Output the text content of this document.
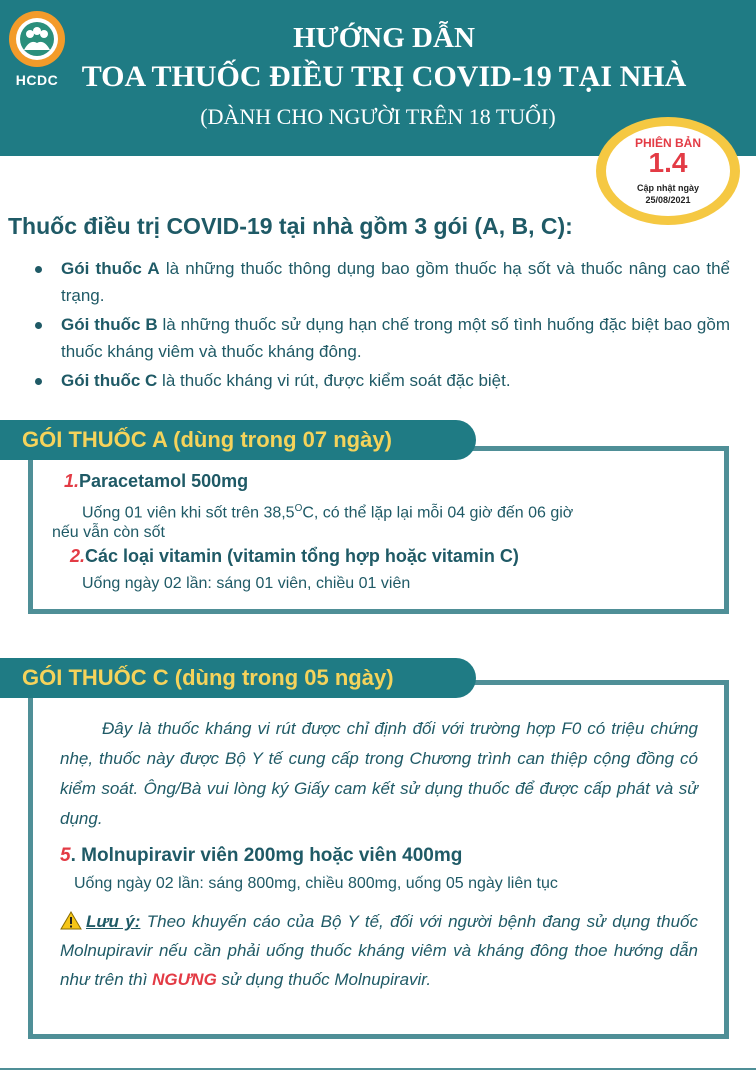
HCDC
HƯỚNG DẪN
TOA THUỐC ĐIỀU TRỊ COVID-19 TẠI NHÀ
(DÀNH CHO NGƯỜI TRÊN 18 TUỔI)
PHIÊN BẢN
1.4
Cập nhật ngày
25/08/2021
Thuốc điều trị COVID-19 tại nhà gồm 3 gói (A, B, C):
Gói thuốc A là những thuốc thông dụng bao gồm thuốc hạ sốt và thuốc nâng cao thể trạng.
Gói thuốc B là những thuốc sử dụng hạn chế trong một số tình huống đặc biệt bao gồm thuốc kháng viêm và thuốc kháng đông.
Gói thuốc C là thuốc kháng vi rút, được kiểm soát đặc biệt.
GÓI THUỐC A (dùng trong 07 ngày)
1.Paracetamol 500mg
Uống 01 viên khi sốt trên $38,5^OC$, có thể lặp lại mỗi 04 giờ đến 06 giờ
nếu vẫn còn sốt
2.Các loại vitamin (vitamin tổng hợp hoặc vitamin C)
Uống ngày 02 lần: sáng 01 viên, chiều 01 viên
GÓI THUỐC C (dùng trong 05 ngày)
Đây là thuốc kháng vi rút được chỉ định đối với trường hợp F0 có triệu chứng nhẹ, thuốc này được Bộ Y tế cung cấp trong Chương trình can thiệp cộng đồng có kiểm soát. Ông/Bà vui lòng ký Giấy cam kết sử dụng thuốc để được cấp phát và sử dụng.
5. Molnupiravir viên 200mg hoặc viên 400mg
Uống ngày 02 lần: sáng 800mg, chiều 800mg, uống 05 ngày liên tục
Lưu ý: Theo khuyến cáo của Bộ Y tế, đối với người bệnh đang sử dụng thuốc Molnupiravir nếu cần phải uống thuốc kháng viêm và kháng đông thoe hướng dẫn như trên thì NGƯNG sử dụng thuốc Molnupiravir.
